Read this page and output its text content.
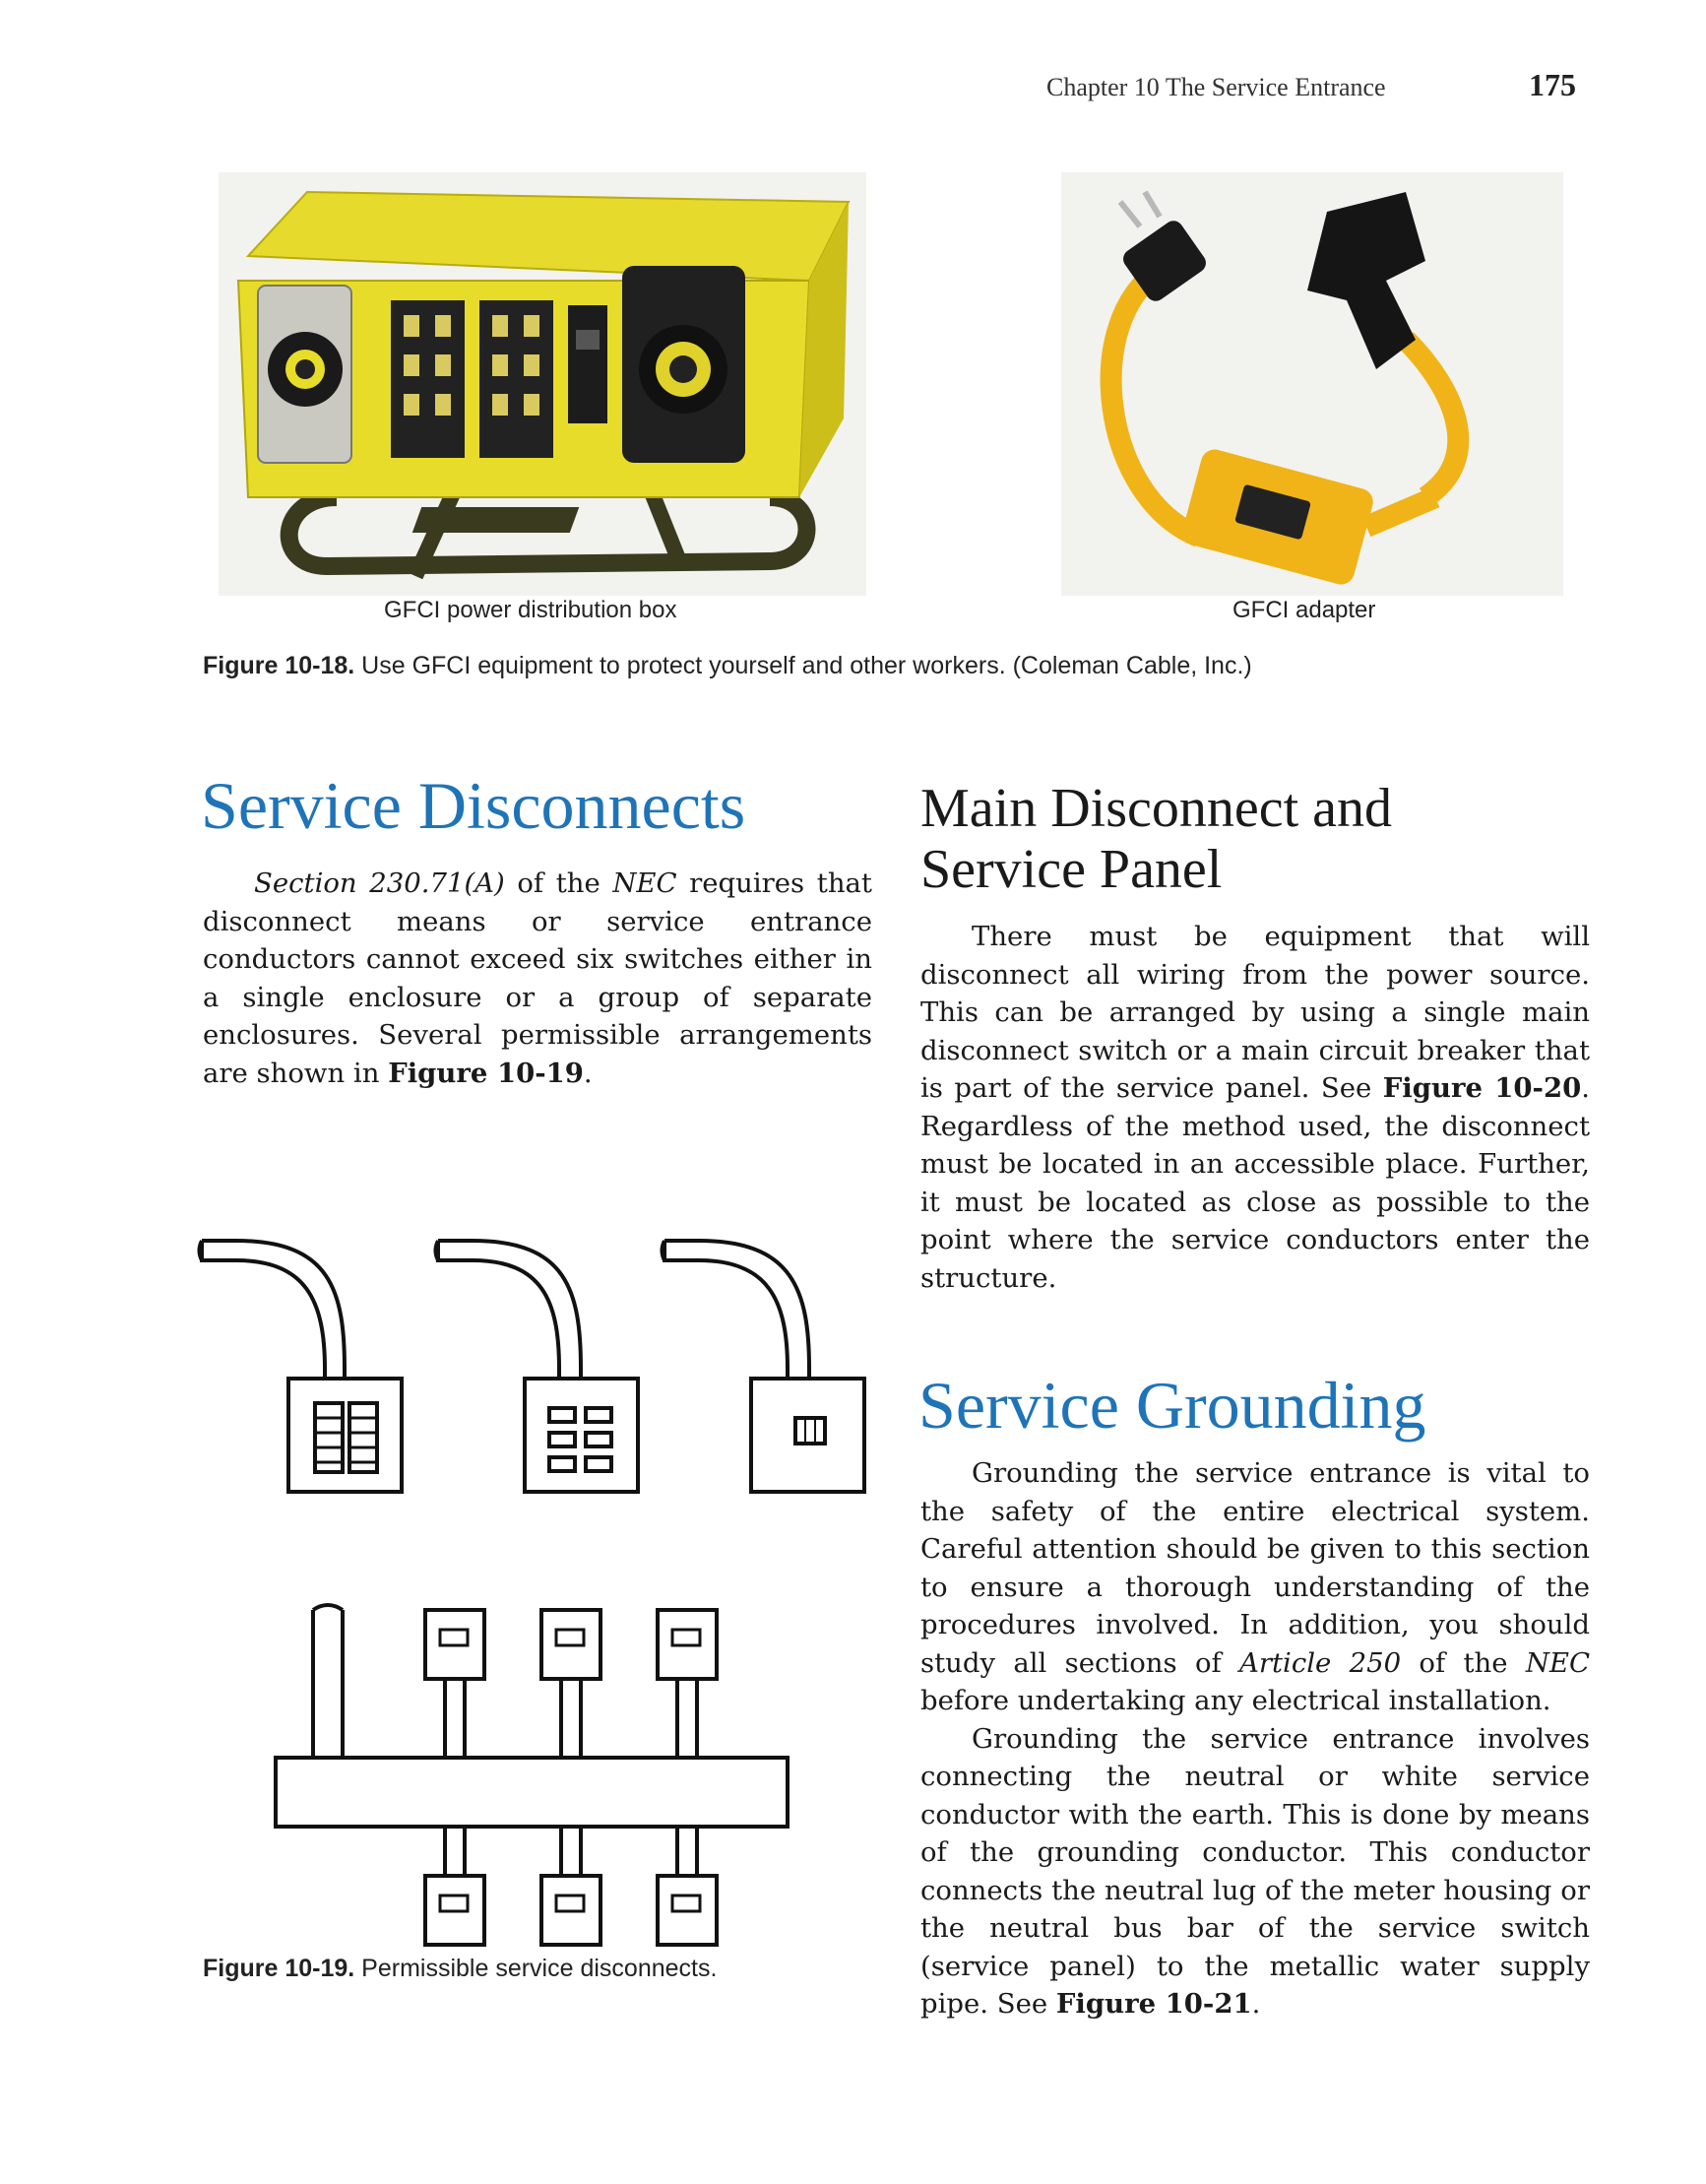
Chapter 10 The Service Entrance	175
GFCI power distribution box	GFCI adapter
Figure 10-18. Use GFCI equipment to protect yourself and other workers. (Coleman Cable, Inc.)
Service Disconnects

Section 230.71(A) of the NEC requires that disconnect means or service entrance conductors cannot exceed six switches either in a single enclosure or a group of separate enclosures. Several permissible arrangements are shown in Figure 10-19.

Figure 10-19. Permissible service disconnects.
Main Disconnect and
Service Panel

There must be equipment that will disconnect all wiring from the power source. This can be arranged by using a single main disconnect switch or a main circuit breaker that is part of the service panel. See Figure 10-20. Regardless of the method used, the disconnect must be located in an accessible place. Further, it must be located as close as possible to the point where the service conductors enter the structure.

Service Grounding

Grounding the service entrance is vital to the safety of the entire electrical system. Careful attention should be given to this section to ensure a thorough understanding of the procedures involved. In addition, you should study all sections of Article 250 of the NEC before undertaking any electrical installation.

Grounding the service entrance involves connecting the neutral or white service conductor with the earth. This is done by means of the grounding conductor. This conductor connects the neutral lug of the meter housing or the neutral bus bar of the service switch (service panel) to the metallic water supply pipe. See Figure 10-21.
